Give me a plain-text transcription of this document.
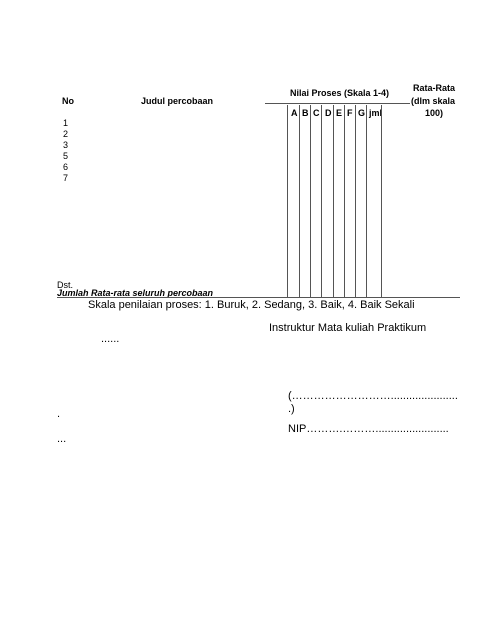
No	Judul percobaan
Nilai Proses (Skala 1-4)	Rata-Rata
(dlm skala
100)
A B C D E F G jml
1
2
3
5
6
7
Dst.
Jumlah Rata-rata seluruh percobaan
Skala penilaian proses: 1. Buruk, 2. Sedang, 3. Baik, 4. Baik Sekali
Instruktur Mata kuliah Praktikum
......
(………………………......................
.)
.
NIP……….………........................
...
